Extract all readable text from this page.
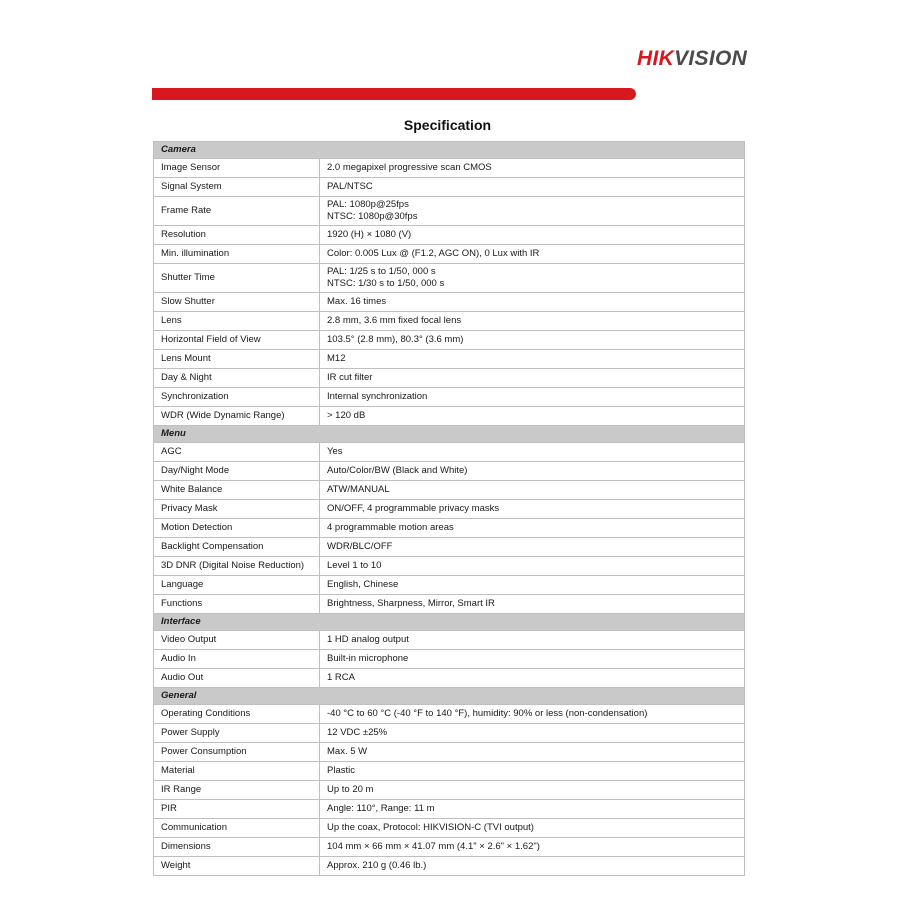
HIKVISION
Specification
Camera	
Image Sensor	2.0 megapixel progressive scan CMOS

Signal System	PAL/NTSC

Frame Rate	PAL: 1080p@25fps
NTSC: 1080p@30fps

Resolution	1920 (H) × 1080 (V)

Min. illumination	Color: 0.005 Lux @ (F1.2, AGC ON), 0 Lux with IR

Shutter Time	PAL: 1/25 s to 1/50, 000 s
NTSC: 1/30 s to 1/50, 000 s

Slow Shutter	Max. 16 times

Lens	2.8 mm, 3.6 mm fixed focal lens

Horizontal Field of View	103.5° (2.8 mm), 80.3° (3.6 mm)

Lens Mount	M12

Day & Night	IR cut filter

Synchronization	Internal synchronization

WDR (Wide Dynamic Range)	> 120 dB

Menu	
AGC	Yes

Day/Night Mode	Auto/Color/BW (Black and White)

White Balance	ATW/MANUAL

Privacy Mask	ON/OFF, 4 programmable privacy masks

Motion Detection	4 programmable motion areas

Backlight Compensation	WDR/BLC/OFF

3D DNR (Digital Noise Reduction)	Level 1 to 10

Language	English, Chinese

Functions	Brightness, Sharpness, Mirror, Smart IR

Interface	
Video Output	1 HD analog output

Audio In	Built-in microphone

Audio Out	1 RCA

General	
Operating Conditions	-40 °C to 60 °C (-40 °F to 140 °F), humidity: 90% or less (non-condensation)

Power Supply	12 VDC ±25%

Power Consumption	Max. 5 W

Material	Plastic

IR Range	Up to 20 m

PIR	Angle: 110°, Range: 11 m

Communication	Up the coax, Protocol: HIKVISION-C (TVI output)

Dimensions	104 mm × 66 mm × 41.07 mm (4.1" × 2.6" × 1.62")

Weight	Approx. 210 g (0.46 lb.)
